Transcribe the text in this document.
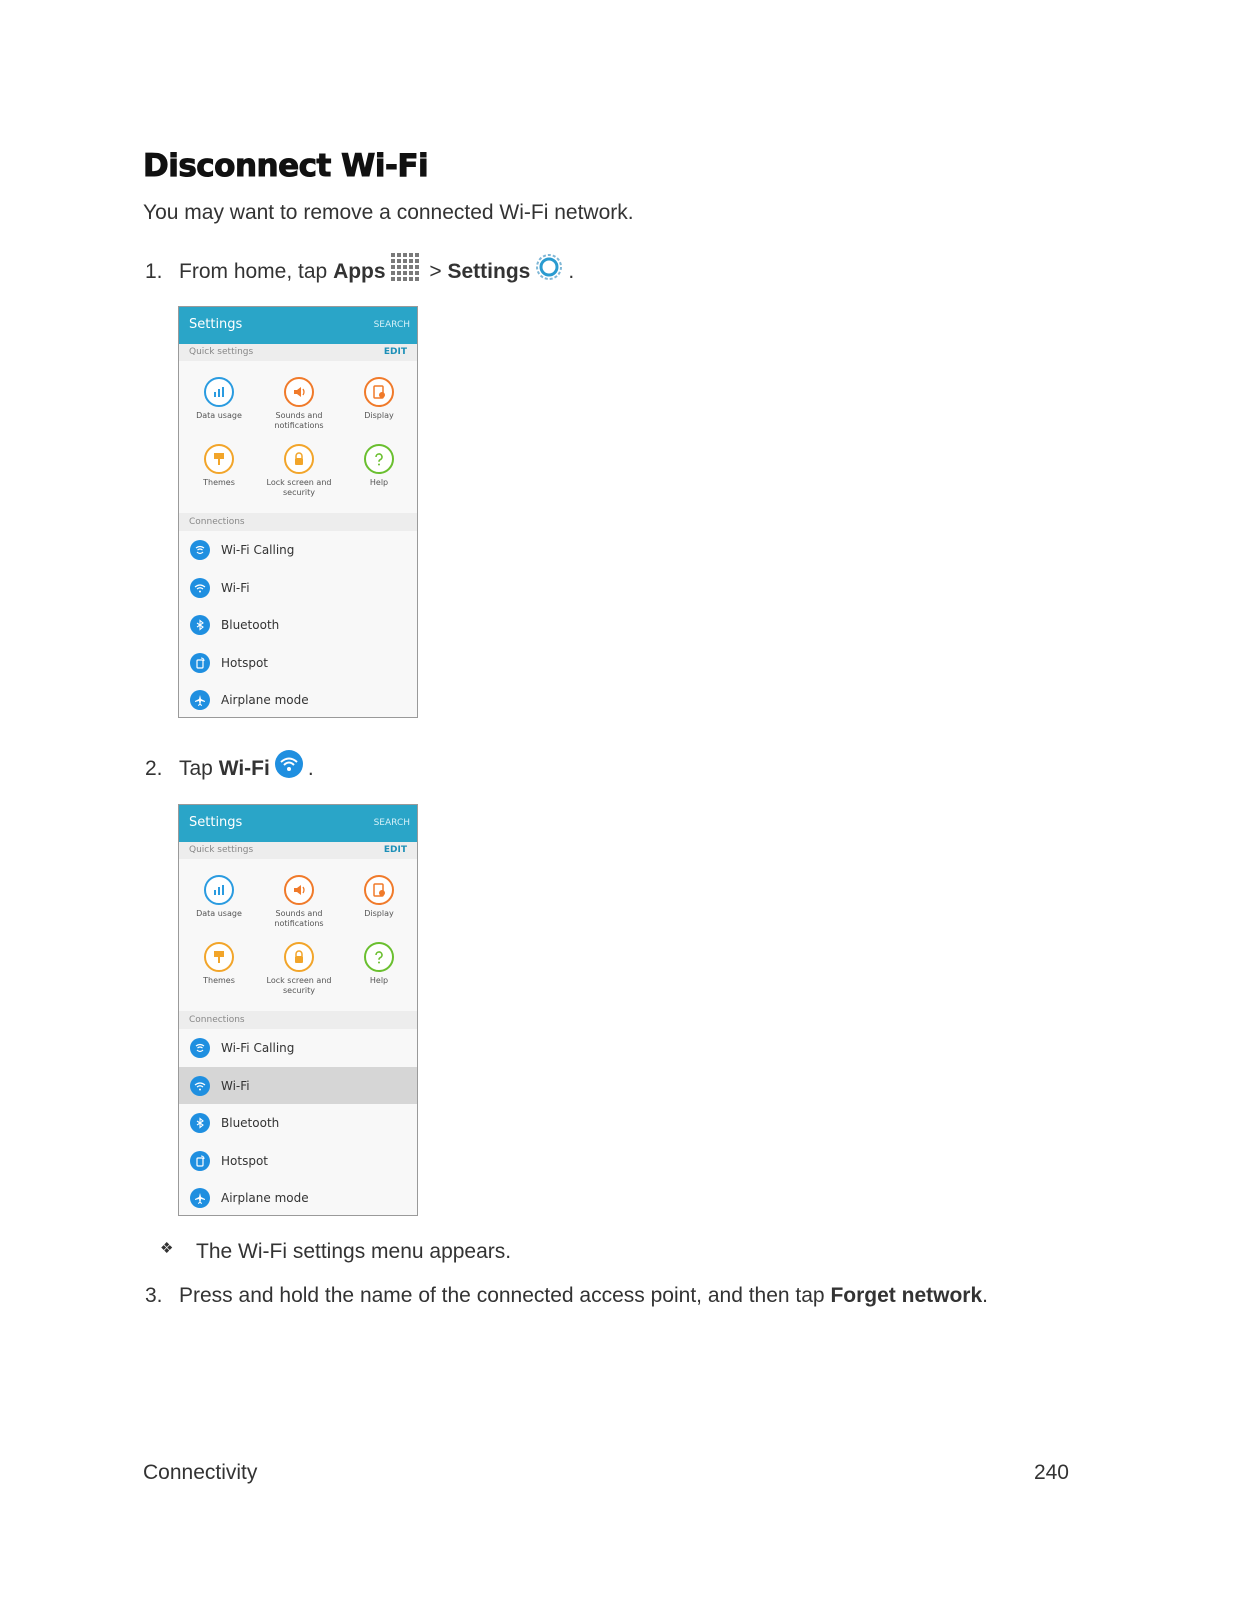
Disconnect Wi-Fi
You may want to remove a connected Wi-Fi network.
1. From home, tap Apps > Settings .
Settings	SEARCH
Quick settings	EDIT
Data usage	Sounds and notifications
Display
Themes	Lock screen and security
Help
Connections
Wi-Fi Calling
Wi-Fi
Bluetooth
Hotspot
Airplane mode
2. Tap Wi-Fi .
Settings	SEARCH
Quick settings	EDIT
Data usage	Sounds and notifications
Display
Themes	Lock screen and security
Help
Connections
Wi-Fi Calling
Wi-Fi
Bluetooth
Hotspot
Airplane mode
❖ The Wi-Fi settings menu appears.
3. Press and hold the name of the connected access point, and then tap Forget network.
Connectivity	240
